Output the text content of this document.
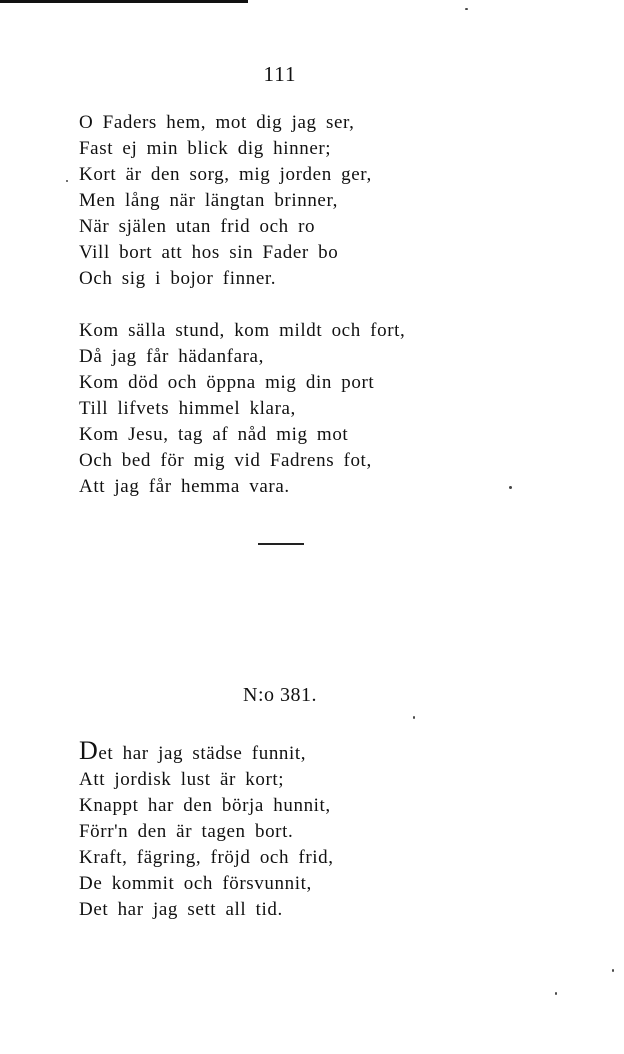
111
O Faders hem, mot dig jag ser,
Fast ej min blick dig hinner;
Kort är den sorg, mig jorden ger,
Men lång när längtan brinner,
När själen utan frid och ro
Vill bort att hos sin Fader bo
Och sig i bojor finner.
Kom sälla stund, kom mildt och fort,
Då jag får hädanfara,
Kom död och öppna mig din port
Till lifvets himmel klara,
Kom Jesu, tag af nåd mig mot
Och bed för mig vid Fadrens fot,
Att jag får hemma vara.
N:o 381.
Det har jag städse funnit,
Att jordisk lust är kort;
Knappt har den börja hunnit,
Förr'n den är tagen bort.
Kraft, fägring, fröjd och frid,
De kommit och försvunnit,
Det har jag sett all tid.
